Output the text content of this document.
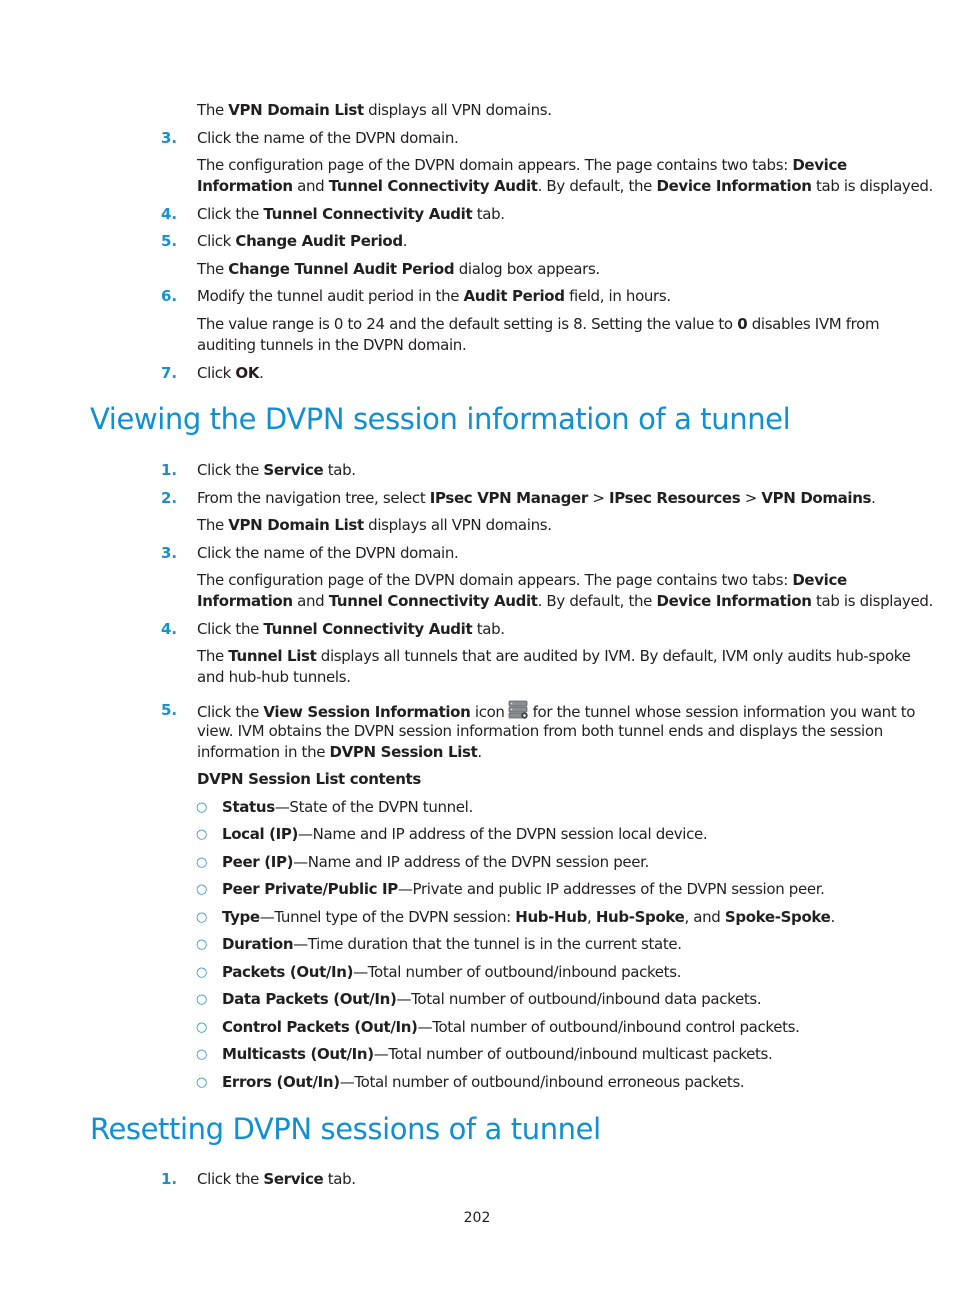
The VPN Domain List displays all VPN domains.
3. Click the name of the DVPN domain.
The configuration page of the DVPN domain appears. The page contains two tabs: Device
Information and Tunnel Connectivity Audit. By default, the Device Information tab is displayed.
4. Click the Tunnel Connectivity Audit tab.
5. Click Change Audit Period.
The Change Tunnel Audit Period dialog box appears.
6. Modify the tunnel audit period in the Audit Period field, in hours.
The value range is 0 to 24 and the default setting is 8. Setting the value to 0 disables IVM from
auditing tunnels in the DVPN domain.
7. Click OK.
Viewing the DVPN session information of a tunnel
1. Click the Service tab.
2. From the navigation tree, select IPsec VPN Manager > IPsec Resources > VPN Domains.
The VPN Domain List displays all VPN domains.
3. Click the name of the DVPN domain.
The configuration page of the DVPN domain appears. The page contains two tabs: Device
Information and Tunnel Connectivity Audit. By default, the Device Information tab is displayed.
4. Click the Tunnel Connectivity Audit tab.
The Tunnel List displays all tunnels that are audited by IVM. By default, IVM only audits hub-spoke
and hub-hub tunnels.
5. Click the View Session Information icon for the tunnel whose session information you want to
view. IVM obtains the DVPN session information from both tunnel ends and displays the session
information in the DVPN Session List.
DVPN Session List contents
○ Status—State of the DVPN tunnel.
○ Local (IP)—Name and IP address of the DVPN session local device.
○ Peer (IP)—Name and IP address of the DVPN session peer.
○ Peer Private/Public IP—Private and public IP addresses of the DVPN session peer.
○ Type—Tunnel type of the DVPN session: Hub-Hub, Hub-Spoke, and Spoke-Spoke.
○ Duration—Time duration that the tunnel is in the current state.
○ Packets (Out/In)—Total number of outbound/inbound packets.
○ Data Packets (Out/In)—Total number of outbound/inbound data packets.
○ Control Packets (Out/In)—Total number of outbound/inbound control packets.
○ Multicasts (Out/In)—Total number of outbound/inbound multicast packets.
○ Errors (Out/In)—Total number of outbound/inbound erroneous packets.
Resetting DVPN sessions of a tunnel
1. Click the Service tab.
202
